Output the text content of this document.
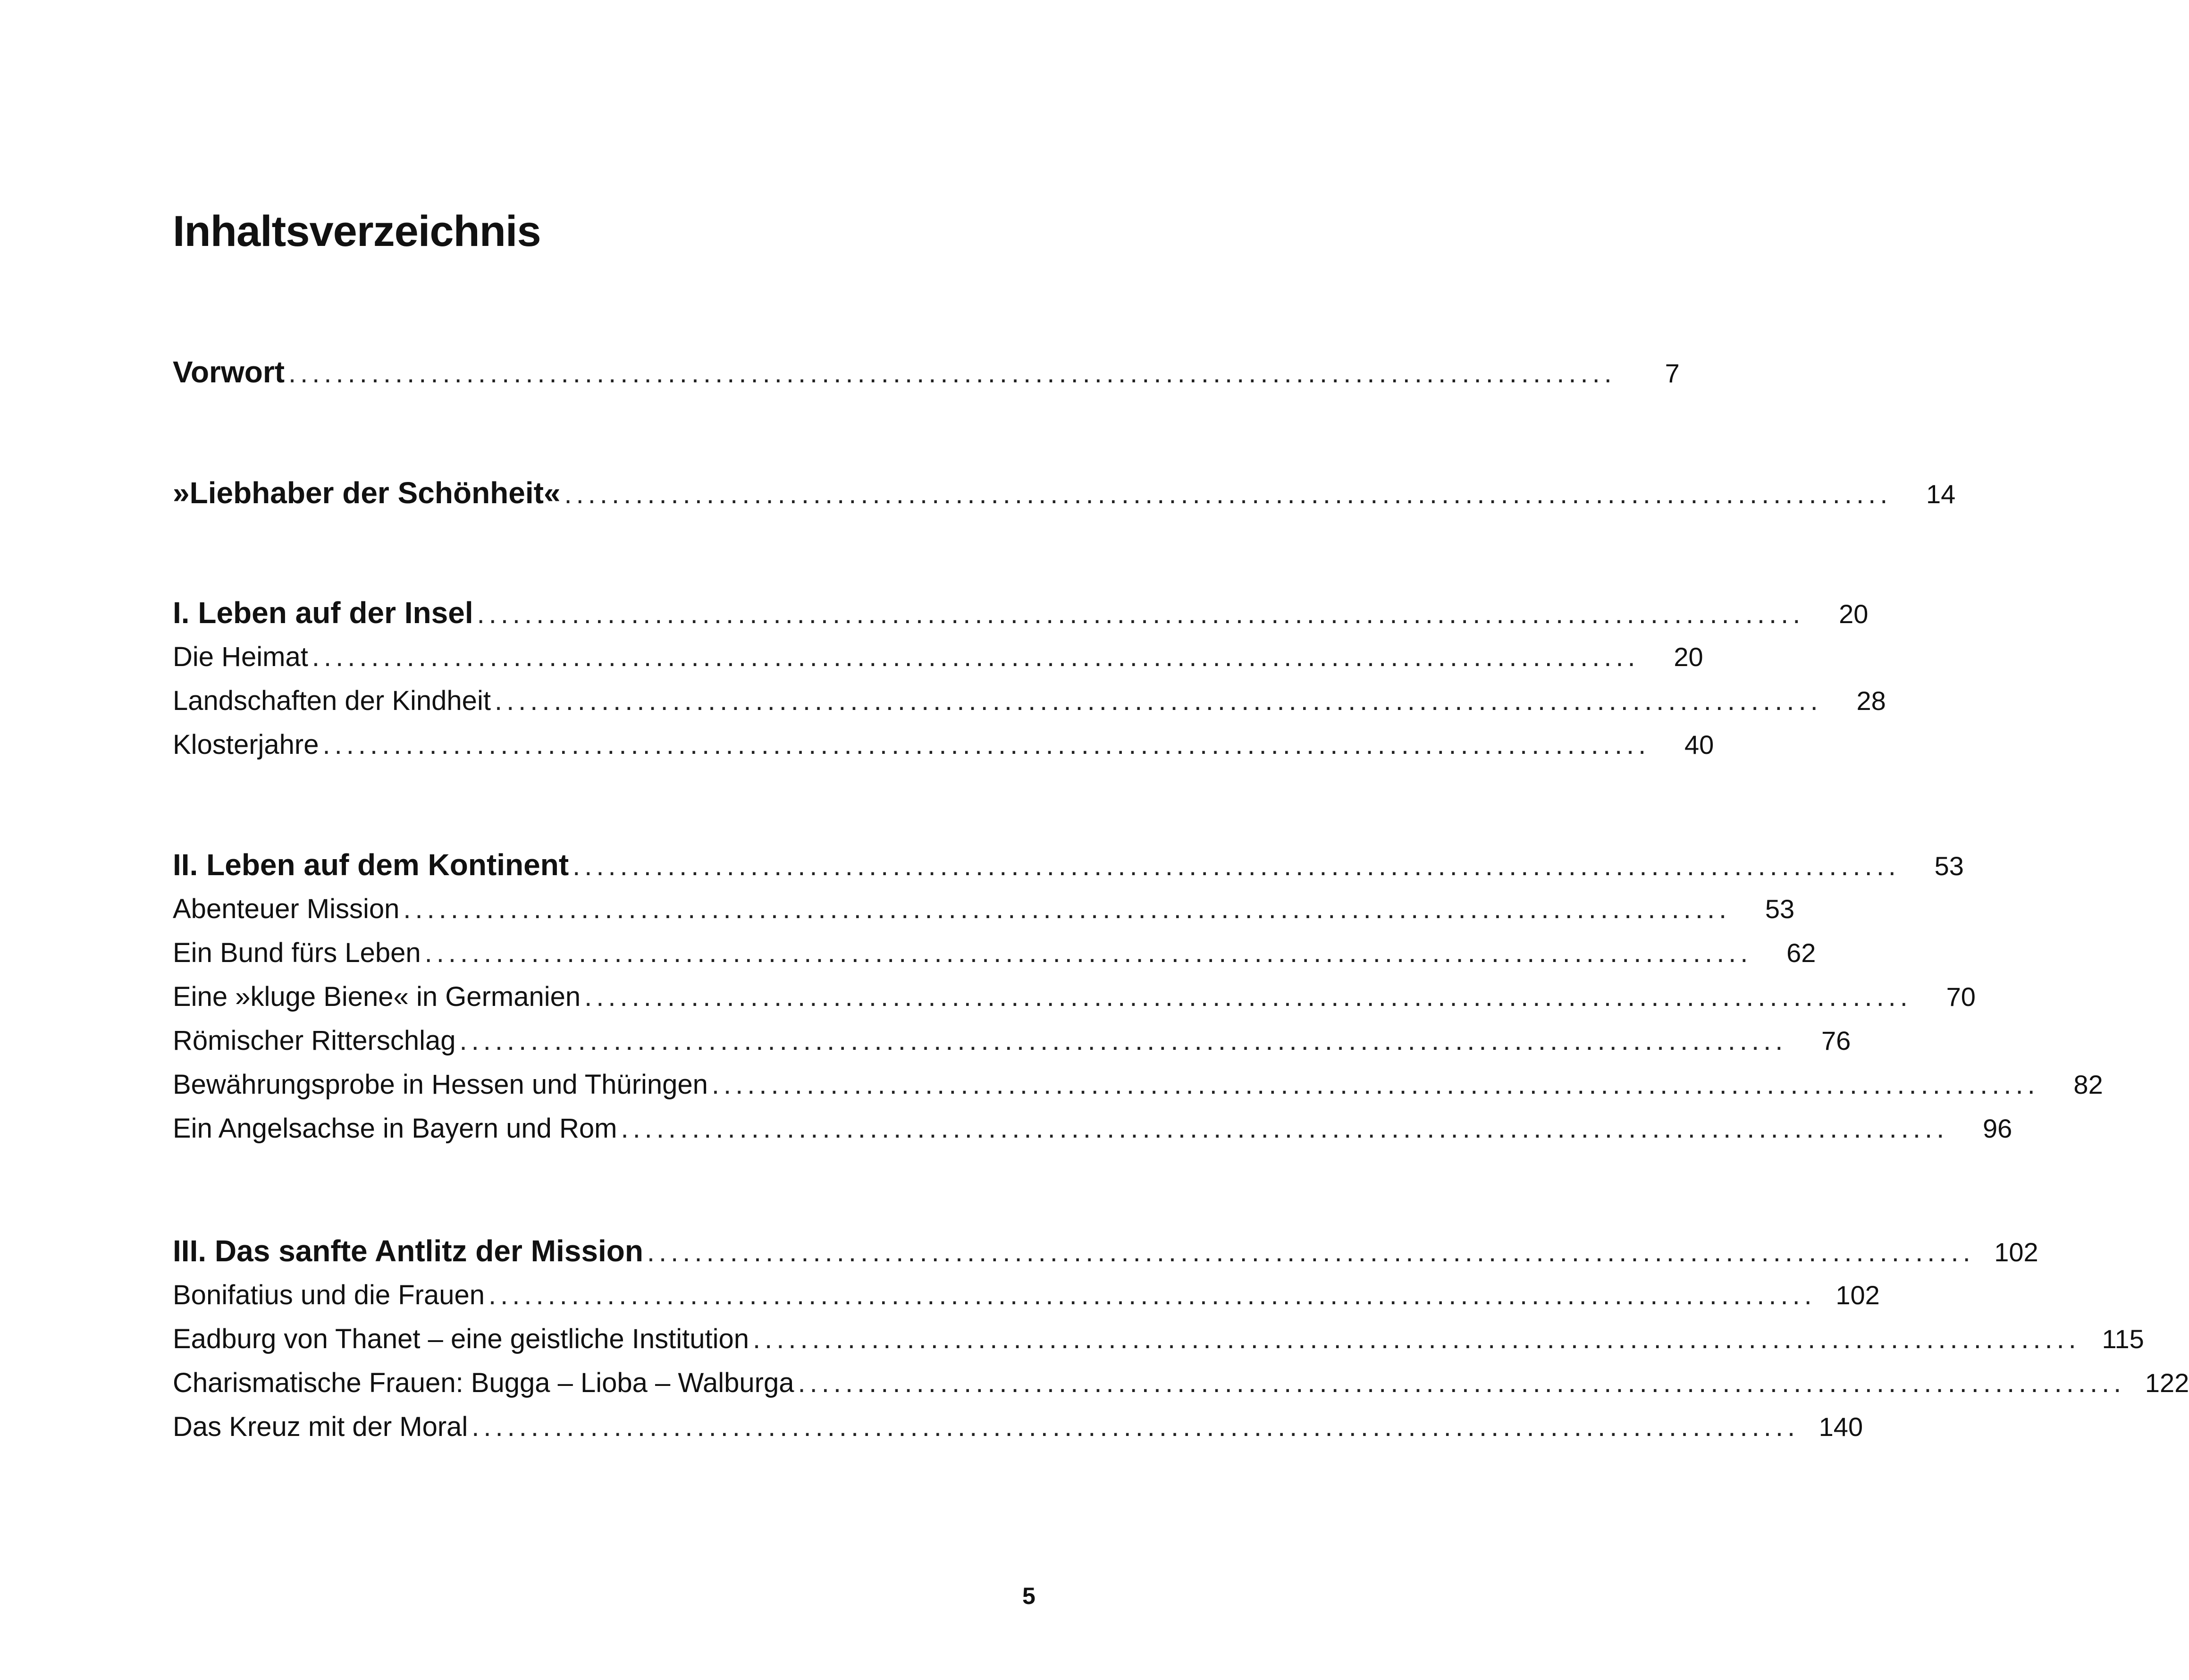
Inhaltsverzeichnis
Vorwort ................................................................................................................	7
»Liebhaber der Schönheit« ................................................................................................................	14
I. Leben auf der Insel ................................................................................................................	20
Die Heimat ................................................................................................................	20
Landschaften der Kindheit ................................................................................................................	28
Klosterjahre ................................................................................................................	40
II. Leben auf dem Kontinent ................................................................................................................	53
Abenteuer Mission ................................................................................................................	53
Ein Bund fürs Leben ................................................................................................................	62
Eine »kluge Biene« in Germanien ................................................................................................................	70
Römischer Ritterschlag ................................................................................................................	76
Bewährungsprobe in Hessen und Thüringen ................................................................................................................	82
Ein Angelsachse in Bayern und Rom ................................................................................................................	96
III. Das sanfte Antlitz der Mission ................................................................................................................ 102
Bonifatius und die Frauen ................................................................................................................ 102
Eadburg von Thanet – eine geistliche Institution ................................................................................................................ 115
Charismatische Frauen: Bugga – Lioba – Walburga ................................................................................................................ 122
Das Kreuz mit der Moral ................................................................................................................ 140
5
